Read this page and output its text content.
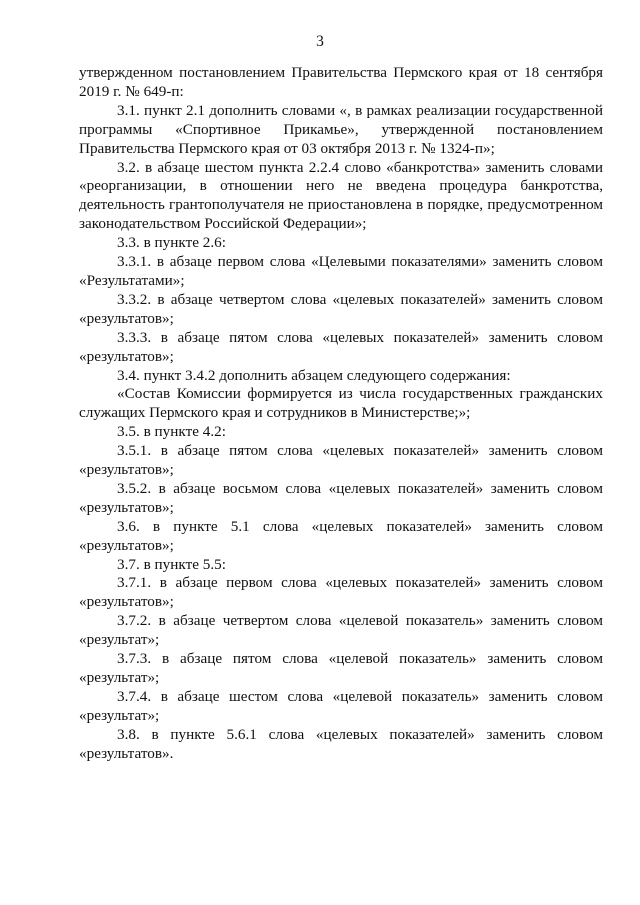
3

утвержденном постановлением Правительства Пермского края от 18 сентября 2019 г. № 649-п:

3.1. пункт 2.1 дополнить словами «, в рамках реализации государственной программы «Спортивное Прикамье», утвержденной постановлением Правительства Пермского края от 03 октября 2013 г. № 1324-п»;

3.2. в абзаце шестом пункта 2.2.4 слово «банкротства» заменить словами «реорганизации, в отношении него не введена процедура банкротства, деятельность грантополучателя не приостановлена в порядке, предусмотренном законодательством Российской Федерации»;

3.3. в пункте 2.6:

3.3.1. в абзаце первом слова «Целевыми показателями» заменить словом «Результатами»;

3.3.2. в абзаце четвертом слова «целевых показателей» заменить словом «результатов»;

3.3.3. в абзаце пятом слова «целевых показателей» заменить словом «результатов»;

3.4. пункт 3.4.2 дополнить абзацем следующего содержания:

«Состав Комиссии формируется из числа государственных гражданских служащих Пермского края и сотрудников в Министерстве;»;

3.5. в пункте 4.2:

3.5.1. в абзаце пятом слова «целевых показателей» заменить словом «результатов»;

3.5.2. в абзаце восьмом слова «целевых показателей» заменить словом «результатов»;

3.6. в пункте 5.1 слова «целевых показателей» заменить словом «результатов»;

3.7. в пункте 5.5:

3.7.1. в абзаце первом слова «целевых показателей» заменить словом «результатов»;

3.7.2. в абзаце четвертом слова «целевой показатель» заменить словом «результат»;

3.7.3. в абзаце пятом слова «целевой показатель» заменить словом «результат»;

3.7.4. в абзаце шестом слова «целевой показатель» заменить словом «результат»;

3.8. в пункте 5.6.1 слова «целевых показателей» заменить словом «результатов».
